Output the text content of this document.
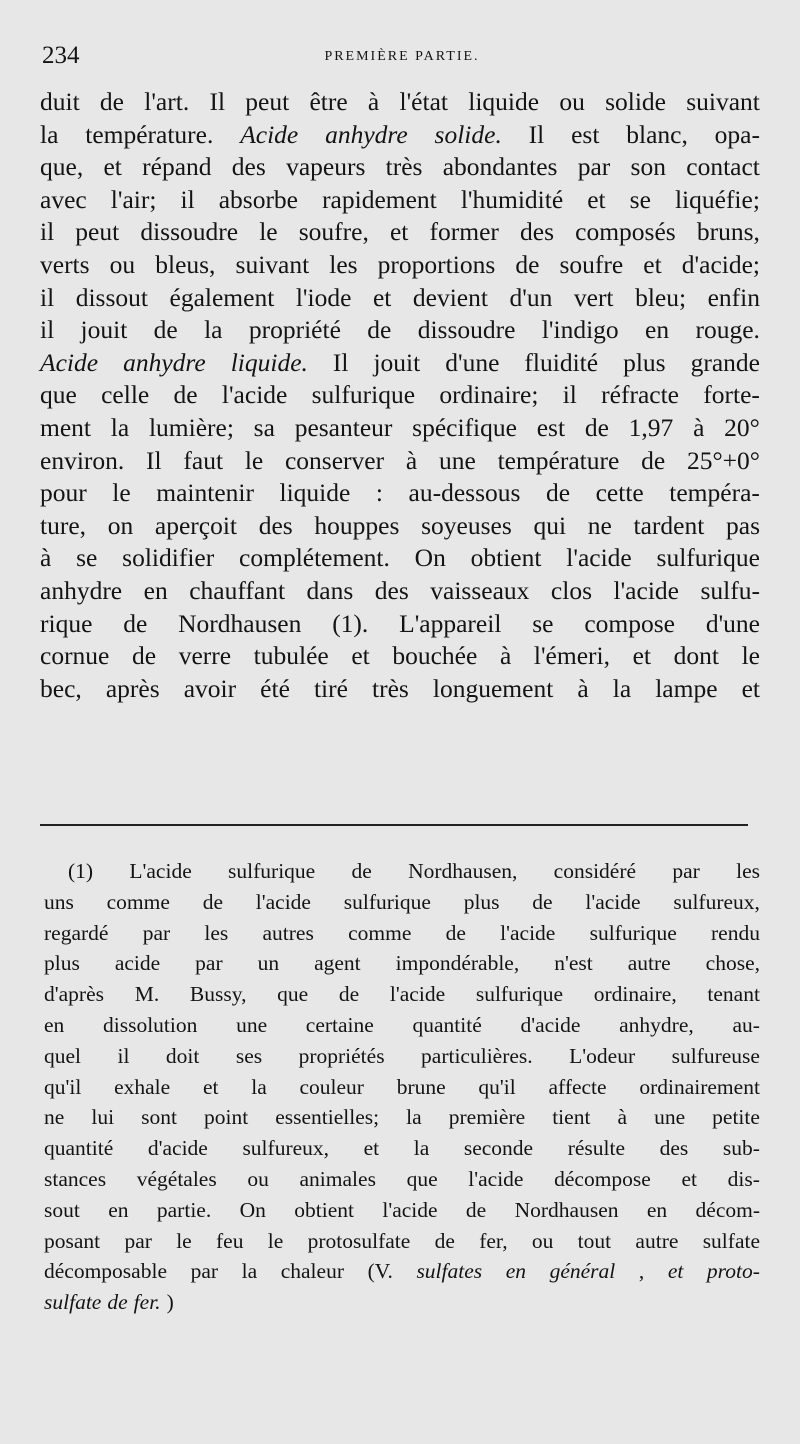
234	PREMIÈRE PARTIE.
duit de l'art. Il peut être à l'état liquide ou solide suivant
la température. Acide anhydre solide. Il est blanc, opa-
que, et répand des vapeurs très abondantes par son contact
avec l'air; il absorbe rapidement l'humidité et se liquéfie;
il peut dissoudre le soufre, et former des composés bruns,
verts ou bleus, suivant les proportions de soufre et d'acide;
il dissout également l'iode et devient d'un vert bleu; enfin
il jouit de la propriété de dissoudre l'indigo en rouge.
Acide anhydre liquide. Il jouit d'une fluidité plus grande
que celle de l'acide sulfurique ordinaire; il réfracte forte-
ment la lumière; sa pesanteur spécifique est de 1,97 à 20°
environ. Il faut le conserver à une température de 25°+0°
pour le maintenir liquide : au-dessous de cette tempéra-
ture, on aperçoit des houppes soyeuses qui ne tardent pas
à se solidifier complétement. On obtient l'acide sulfurique
anhydre en chauffant dans des vaisseaux clos l'acide sulfu-
rique de Nordhausen (1). L'appareil se compose d'une
cornue de verre tubulée et bouchée à l'émeri, et dont le
bec, après avoir été tiré très longuement à la lampe et
(1) L'acide sulfurique de Nordhausen, considéré par les
uns comme de l'acide sulfurique plus de l'acide sulfureux,
regardé par les autres comme de l'acide sulfurique rendu
plus acide par un agent impondérable, n'est autre chose,
d'après M. Bussy, que de l'acide sulfurique ordinaire, tenant
en dissolution une certaine quantité d'acide anhydre, au-
quel il doit ses propriétés particulières. L'odeur sulfureuse
qu'il exhale et la couleur brune qu'il affecte ordinairement
ne lui sont point essentielles; la première tient à une petite
quantité d'acide sulfureux, et la seconde résulte des sub-
stances végétales ou animales que l'acide décompose et dis-
sout en partie. On obtient l'acide de Nordhausen en décom-
posant par le feu le protosulfate de fer, ou tout autre sulfate
décomposable par la chaleur (V. sulfates en général , et proto-
sulfate de fer. )
